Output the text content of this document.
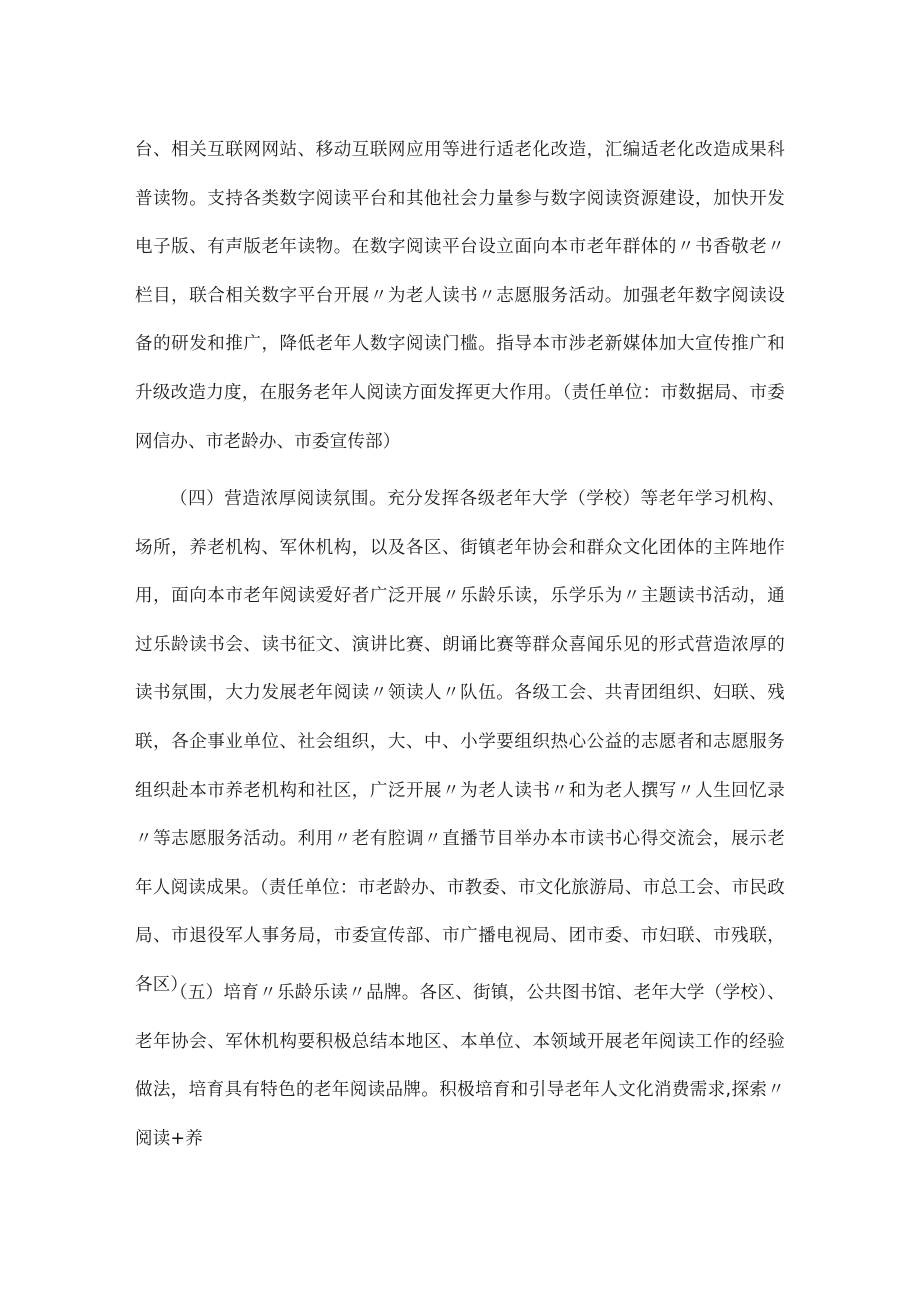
台、相关互联网网站、移动互联网应用等进行适老化改造，汇编适老化改造成果科普读物。支持各类数字阅读平台和其他社会力量参与数字阅读资源建设，加快开发电子版、有声版老年读物。在数字阅读平台设立面向本市老年群体的〃书香敬老〃栏目，联合相关数字平台开展〃为老人读书〃志愿服务活动。加强老年数字阅读设备的研发和推广，降低老年人数字阅读门槛。指导本市涉老新媒体加大宣传推广和升级改造力度，在服务老年人阅读方面发挥更大作用。（责任单位：市数据局、市委网信办、市老龄办、市委宣传部）

（四）营造浓厚阅读氛围。充分发挥各级老年大学（学校）等老年学习机构、场所，养老机构、军休机构，以及各区、街镇老年协会和群众文化团体的主阵地作用，面向本市老年阅读爱好者广泛开展〃乐龄乐读，乐学乐为〃主题读书活动，通过乐龄读书会、读书征文、演讲比赛、朗诵比赛等群众喜闻乐见的形式营造浓厚的读书氛围，大力发展老年阅读〃领读人〃队伍。各级工会、共青团组织、妇联、残联，各企事业单位、社会组织，大、中、小学要组织热心公益的志愿者和志愿服务组织赴本市养老机构和社区，广泛开展〃为老人读书〃和为老人撰写〃人生回忆录〃等志愿服务活动。利用〃老有腔调〃直播节目举办本市读书心得交流会，展示老年人阅读成果。（责任单位：市老龄办、市教委、市文化旅游局、市总工会、市民政局、市退役军人事务局，市委宣传部、市广播电视局、团市委、市妇联、市残联，各区）

（五）培育〃乐龄乐读〃品牌。各区、街镇，公共图书馆、老年大学（学校）、老年协会、军休机构要积极总结本地区、本单位、本领域开展老年阅读工作的经验做法，培育具有特色的老年阅读品牌。积极培育和引导老年人文化消费需求,探索〃阅读+养
